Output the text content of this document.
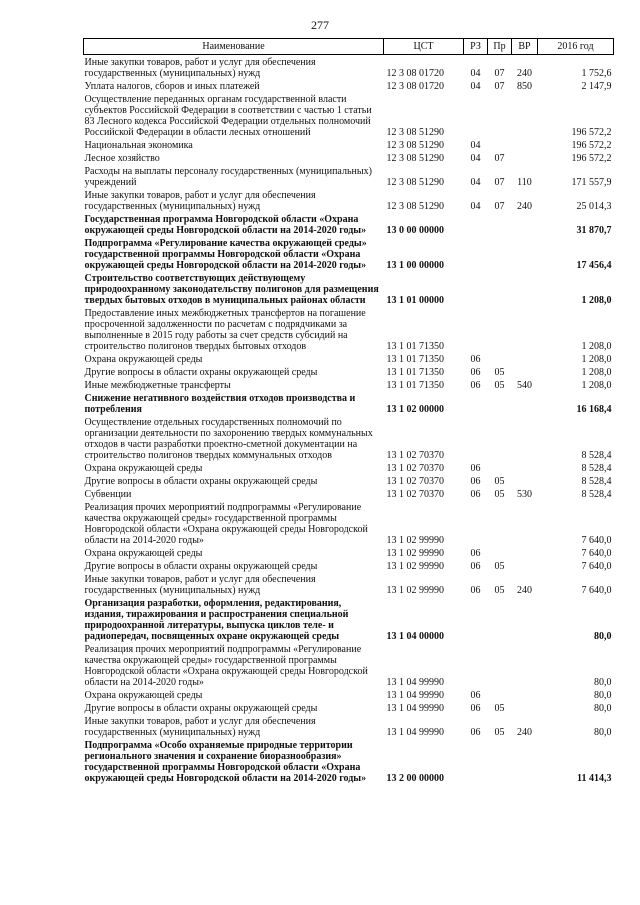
277
Наименование	ЦСТ	РЗ	Пр	ВР	2016 год
Иные закупки товаров, работ и услуг для обеспечения государственных (муниципальных) нужд	12 3 08 01720	04	07	240	1 752,6
Уплата налогов, сборов и иных платежей	12 3 08 01720	04	07	850	2 147,9
Осуществление переданных органам государственной власти субъектов Российской Федерации в соответствии с частью 1 статьи 83 Лесного кодекса Российской Федерации отдельных полномочий Российской Федерации в области лесных отношений	12 3 08 51290				196 572,2
Национальная экономика	12 3 08 51290	04			196 572,2
Лесное хозяйство	12 3 08 51290	04	07		196 572,2
Расходы на выплаты персоналу государственных (муниципальных) учреждений	12 3 08 51290	04	07	110	171 557,9
Иные закупки товаров, работ и услуг для обеспечения государственных (муниципальных) нужд	12 3 08 51290	04	07	240	25 014,3
Государственная программа Новгородской области «Охрана окружающей среды Новгородской области на 2014-2020 годы»	13 0 00 00000				31 870,7
Подпрограмма «Регулирование качества окружающей среды» государственной программы Новгородской области «Охрана окружающей среды Новгородской области на 2014-2020 годы»	13 1 00 00000				17 456,4
Строительство соответствующих действующему природоохранному законодательству полигонов для размещения твердых бытовых отходов в муниципальных районах области	13 1 01 00000				1 208,0
Предоставление иных межбюджетных трансфертов на погашение просроченной задолженности по расчетам с подрядчиками за выполненные в 2015 году работы за счет средств субсидий на строительство полигонов твердых бытовых отходов	13 1 01 71350				1 208,0
Охрана окружающей среды	13 1 01 71350	06			1 208,0
Другие вопросы в области охраны окружающей среды	13 1 01 71350	06	05		1 208,0
Иные межбюджетные трансферты	13 1 01 71350	06	05	540	1 208,0
Снижение негативного воздействия отходов производства и потребления	13 1 02 00000				16 168,4
Осуществление отдельных государственных полномочий по организации деятельности по захоронению твердых коммунальных отходов в части разработки проектно-сметной документации на строительство полигонов твердых коммунальных отходов	13 1 02 70370				8 528,4
Охрана окружающей среды	13 1 02 70370	06			8 528,4
Другие вопросы в области охраны окружающей среды	13 1 02 70370	06	05		8 528,4
Субвенции	13 1 02 70370	06	05	530	8 528,4
Реализация прочих мероприятий подпрограммы «Регулирование качества окружающей среды» государственной программы Новгородской области «Охрана окружающей среды Новгородской области на 2014-2020 годы»	13 1 02 99990				7 640,0
Охрана окружающей среды	13 1 02 99990	06			7 640,0
Другие вопросы в области охраны окружающей среды	13 1 02 99990	06	05		7 640,0
Иные закупки товаров, работ и услуг для обеспечения государственных (муниципальных) нужд	13 1 02 99990	06	05	240	7 640,0
Организация разработки, оформления, редактирования, издания, тиражирования и распространения специальной природоохранной литературы, выпуска циклов теле- и радиопередач, посвященных охране окружающей среды	13 1 04 00000				80,0
Реализация прочих мероприятий подпрограммы «Регулирование качества окружающей среды» государственной программы Новгородской области «Охрана окружающей среды Новгородской области на 2014-2020 годы»	13 1 04 99990				80,0
Охрана окружающей среды	13 1 04 99990	06			80,0
Другие вопросы в области охраны окружающей среды	13 1 04 99990	06	05		80,0
Иные закупки товаров, работ и услуг для обеспечения государственных (муниципальных) нужд	13 1 04 99990	06	05	240	80,0
Подпрограмма «Особо охраняемые природные территории регионального значения и сохранение биоразнообразия» государственной программы Новгородской области «Охрана окружающей среды Новгородской области на 2014-2020 годы»	13 2 00 00000				11 414,3
